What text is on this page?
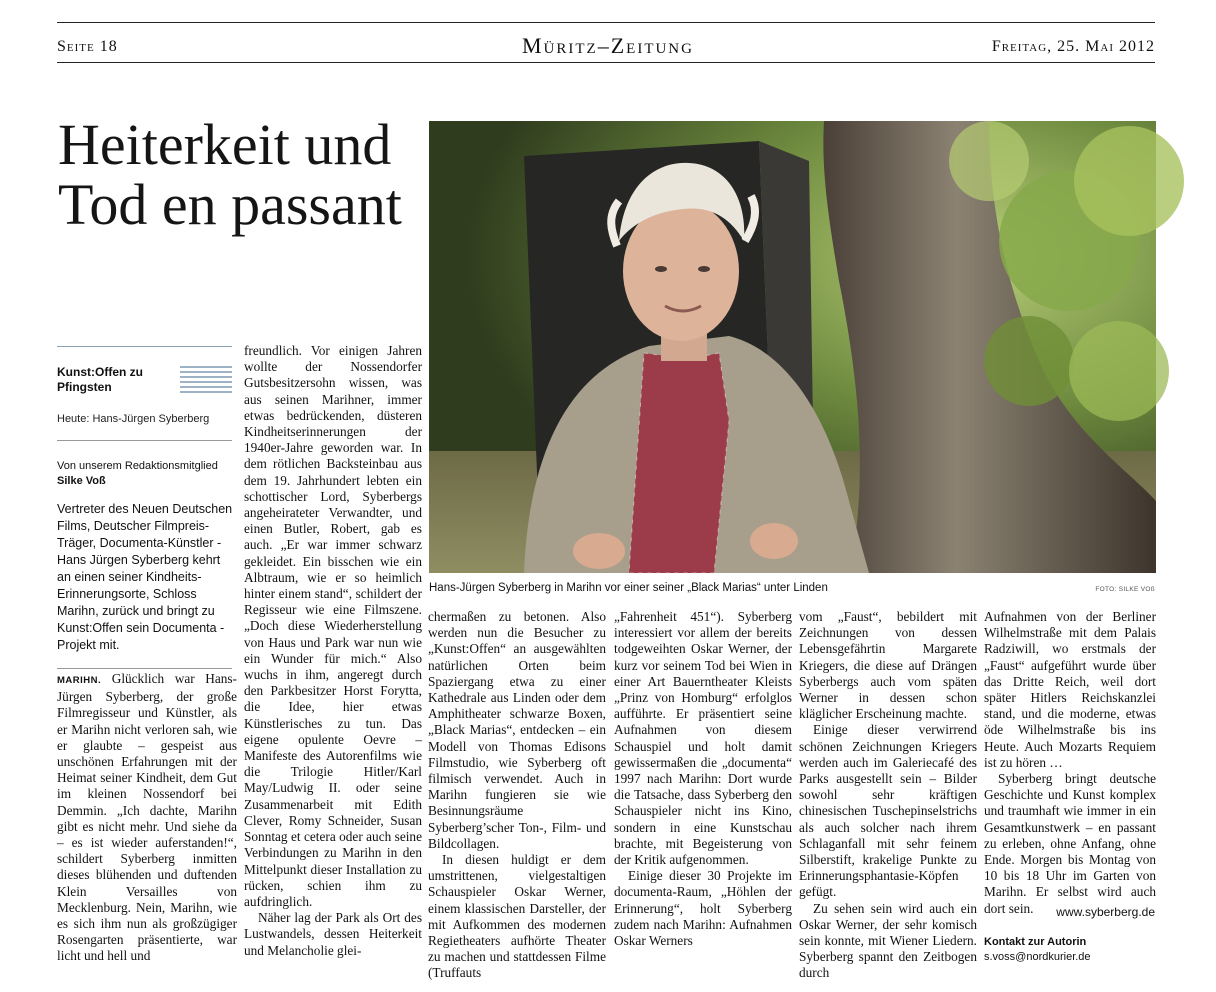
Seite 18	Müritz–Zeitung	Freitag, 25. Mai 2012
Heiterkeit und Tod en passant
Kunst:Offen zu Pfingsten
Heute: Hans-Jürgen Syberberg
Von unserem Redaktionsmitglied
Silke Voß
Vertreter des Neuen Deutschen Films, Deutscher Filmpreis-Träger, Documenta-Künstler - Hans Jürgen Syberberg kehrt an einen seiner Kindheits-Erinnerungsorte, Schloss Marihn, zurück und bringt zu Kunst:Offen sein Documenta -Projekt mit.

MARIHN. Glücklich war Hans-Jürgen Syberberg, der große Filmregisseur und Künstler, als er Marihn nicht verloren sah, wie er glaubte – gespeist aus unschönen Erfahrungen mit der Heimat seiner Kindheit, dem Gut im kleinen Nossendorf bei Demmin. „Ich dachte, Marihn gibt es nicht mehr. Und siehe da – es ist wieder auferstanden!“, schildert Syberberg inmitten dieses blühenden und duftenden Klein Versailles von Mecklenburg. Nein, Marihn, wie es sich ihm nun als großzügiger Rosengarten präsentierte, war licht und hell und

freundlich. Vor einigen Jahren wollte der Nossendorfer Gutsbesitzersohn wissen, was aus seinen Marihner, immer etwas bedrückenden, düsteren Kindheitserinnerungen der 1940er-Jahre geworden war. In dem rötlichen Backsteinbau aus dem 19. Jahrhundert lebten ein schottischer Lord, Syberbergs angeheirateter Verwandter, und einen Butler, Robert, gab es auch. „Er war immer schwarz gekleidet. Ein bisschen wie ein Albtraum, wie er so heimlich hinter einem stand“, schildert der Regisseur wie eine Filmszene. „Doch diese Wiederherstellung von Haus und Park war nun wie ein Wunder für mich.“ Also wuchs in ihm, angeregt durch den Parkbesitzer Horst Forytta, die Idee, hier etwas Künstlerisches zu tun. Das eigene opulente Oevre – Manifeste des Autorenfilms wie die Trilogie Hitler/Karl May/Ludwig II. oder seine Zusammenarbeit mit Edith Clever, Romy Schneider, Susan Sonntag et cetera oder auch seine Verbindungen zu Marihn in den Mittelpunkt dieser Installation zu rücken, schien ihm zu aufdringlich.

Näher lag der Park als Ort des Lustwandels, dessen Heiterkeit und Melancholie glei-

chermaßen zu betonen. Also werden nun die Besucher zu „Kunst:Offen“ an ausgewählten natürlichen Orten beim Spaziergang etwa zu einer Kathedrale aus Linden oder dem Amphitheater schwarze Boxen, „Black Marias“, entdecken – ein Modell von Thomas Edisons Filmstudio, wie Syberberg oft filmisch verwendet. Auch in Marihn fungieren sie wie Besinnungsräume Syberberg’scher Ton-, Film- und Bildcollagen.

In diesen huldigt er dem umstrittenen, vielgestaltigen Schauspieler Oskar Werner, einem klassischen Darsteller, der mit Aufkommen des modernen Regietheaters aufhörte Theater zu machen und stattdessen Filme (Truffauts

„Fahrenheit 451“). Syberberg interessiert vor allem der bereits todgeweihten Oskar Werner, der kurz vor seinem Tod bei Wien in einer Art Bauerntheater Kleists „Prinz von Homburg“ erfolglos aufführte. Er präsentiert seine Aufnahmen von diesem Schauspiel und holt damit gewissermaßen die „documenta“ 1997 nach Marihn: Dort wurde die Tatsache, dass Syberberg den Schauspieler nicht ins Kino, sondern in eine Kunstschau brachte, mit Begeisterung von der Kritik aufgenommen.

Einige dieser 30 Projekte im documenta-Raum, „Höhlen der Erinnerung“, holt Syberberg zudem nach Marihn: Aufnahmen Oskar Werners

vom „Faust“, bebildert mit Zeichnungen von dessen Lebensgefährtin Margarete Kriegers, die diese auf Drängen Syberbergs auch vom späten Werner in dessen schon kläglicher Erscheinung machte.

Einige dieser verwirrend schönen Zeichnungen Kriegers werden auch im Galeriecafé des Parks ausgestellt sein – Bilder sowohl sehr kräftigen chinesischen Tuschepinselstrichs als auch solcher nach ihrem Schlaganfall mit sehr feinem Silberstift, krakelige Punkte zu Erinnerungsphantasie-Köpfen gefügt.

Zu sehen sein wird auch ein Oskar Werner, der sehr komisch sein konnte, mit Wiener Liedern. Syberberg spannt den Zeitbogen durch

Aufnahmen von der Berliner Wilhelmstraße mit dem Palais Radziwill, wo erstmals der „Faust“ aufgeführt wurde über das Dritte Reich, weil dort später Hitlers Reichskanzlei stand, und die moderne, etwas öde Wilhelmstraße bis ins Heute. Auch Mozarts Requiem ist zu hören …

Syberberg bringt deutsche Geschichte und Kunst komplex und traumhaft wie immer in ein Gesamtkunstwerk – en passant zu erleben, ohne Anfang, ohne Ende. Morgen bis Montag von 10 bis 18 Uhr im Garten von Marihn. Er selbst wird auch dort sein.	www.syberberg.de
Kontakt zur Autorin
s.voss@nordkurier.de
Hans-Jürgen Syberberg in Marihn vor einer seiner „Black Marias“ unter Linden	FOTO: SILKE VOß
